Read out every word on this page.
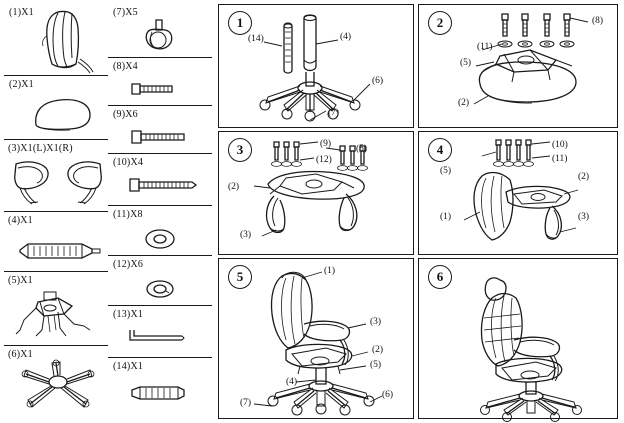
(1)X1
(2)X1
(3)X1(L)X1(R)
(4)X1
(5)X1
(6)X1
(7)X5
(8)X4
(9)X6
(10)X4
(11)X8
(12)X6
(13)X1
(14)X1
1
(14)	(4)
(6)
(7)
2	(8)
(11)
(5)
(2)
3	(9)
(12)
(5)
(2)
(3)
4	(10)
(11)
(5)
(2)
(1)	(3)
5	(1)
(3)
(2)
(5)
(4)
(6)
(7)
6
